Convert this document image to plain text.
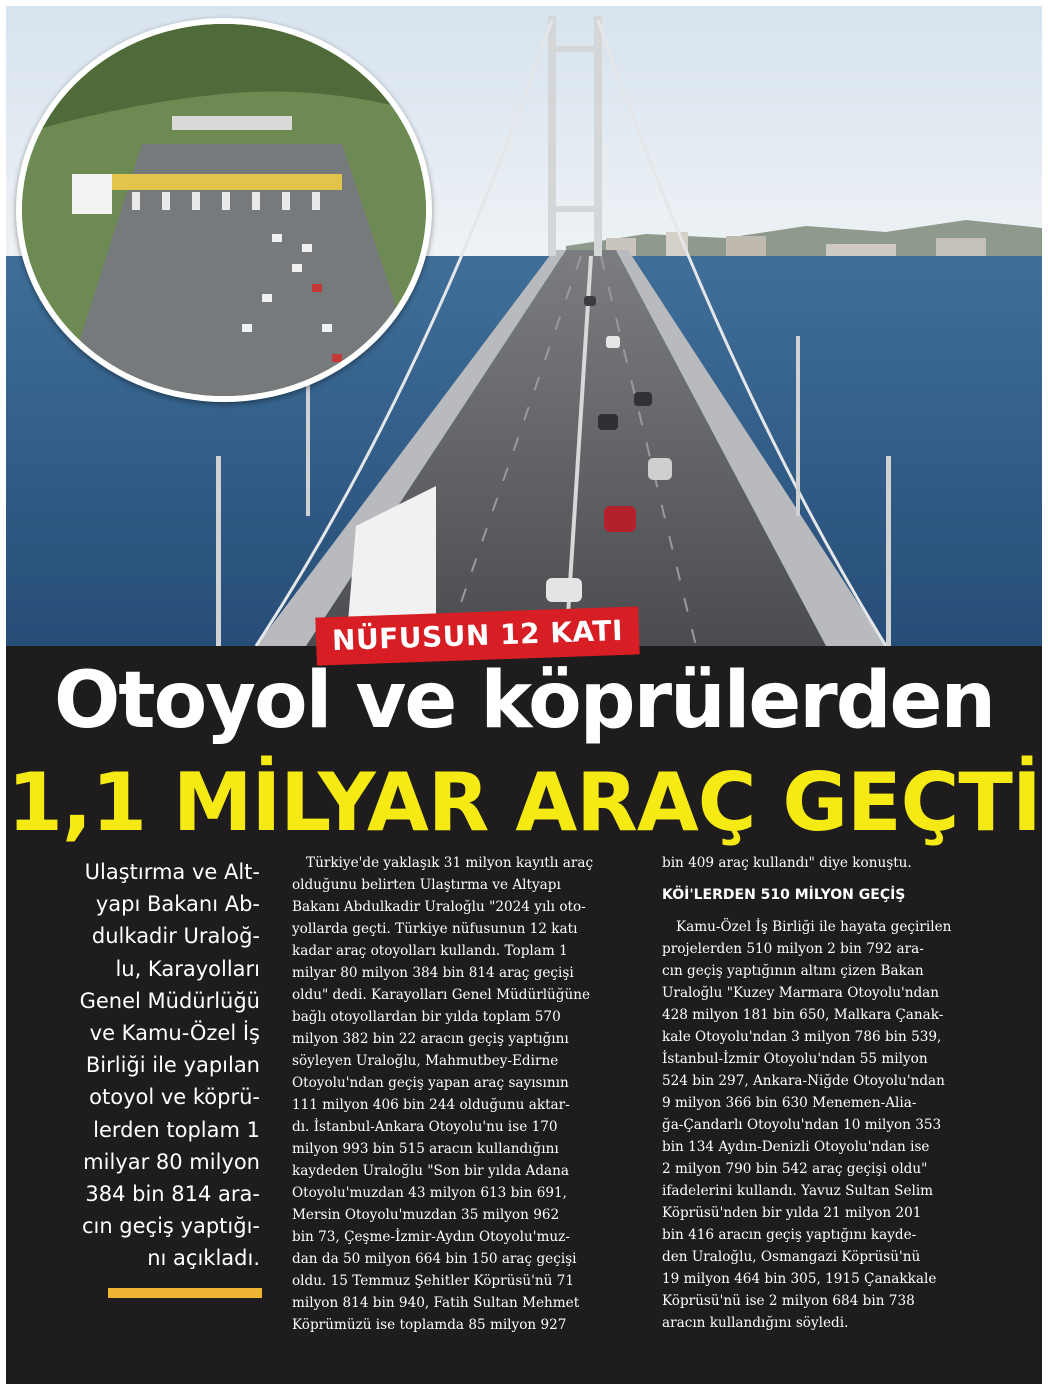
NÜFUSUN 12 KATI
Otoyol ve köprülerden
1,1 MİLYAR ARAÇ GEÇTİ
Ulaştırma ve Alt-
yapı Bakanı Ab-
dulkadir Uraloğ-
lu, Karayolları
Genel Müdürlüğü
ve Kamu-Özel İş
Birliği ile yapılan
otoyol ve köprü-
lerden toplam 1
milyar 80 milyon
384 bin 814 ara-
cın geçiş yaptığı-
nı açıkladı.
Türkiye'de yaklaşık 31 milyon kayıtlı araç
olduğunu belirten Ulaştırma ve Altyapı
Bakanı Abdulkadir Uraloğlu "2024 yılı oto-
yollarda geçti. Türkiye nüfusunun 12 katı
kadar araç otoyolları kullandı. Toplam 1
milyar 80 milyon 384 bin 814 araç geçişi
oldu" dedi. Karayolları Genel Müdürlüğüne
bağlı otoyollardan bir yılda toplam 570
milyon 382 bin 22 aracın geçiş yaptığını
söyleyen Uraloğlu, Mahmutbey-Edirne
Otoyolu'ndan geçiş yapan araç sayısının
111 milyon 406 bin 244 olduğunu aktar-
dı. İstanbul-Ankara Otoyolu'nu ise 170
milyon 993 bin 515 aracın kullandığını
kaydeden Uraloğlu "Son bir yılda Adana
Otoyolu'muzdan 43 milyon 613 bin 691,
Mersin Otoyolu'muzdan 35 milyon 962
bin 73, Çeşme-İzmir-Aydın Otoyolu'muz-
dan da 50 milyon 664 bin 150 araç geçişi
oldu. 15 Temmuz Şehitler Köprüsü'nü 71
milyon 814 bin 940, Fatih Sultan Mehmet
Köprümüzü ise toplamda 85 milyon 927
bin 409 araç kullandı" diye konuştu.
KÖİ'LERDEN 510 MİLYON GEÇİŞ
Kamu-Özel İş Birliği ile hayata geçirilen
projelerden 510 milyon 2 bin 792 ara-
cın geçiş yaptığının altını çizen Bakan
Uraloğlu "Kuzey Marmara Otoyolu'ndan
428 milyon 181 bin 650, Malkara Çanak-
kale Otoyolu'ndan 3 milyon 786 bin 539,
İstanbul-İzmir Otoyolu'ndan 55 milyon
524 bin 297, Ankara-Niğde Otoyolu'ndan
9 milyon 366 bin 630 Menemen-Alia-
ğa-Çandarlı Otoyolu'ndan 10 milyon 353
bin 134 Aydın-Denizli Otoyolu'ndan ise
2 milyon 790 bin 542 araç geçişi oldu"
ifadelerini kullandı. Yavuz Sultan Selim
Köprüsü'nden bir yılda 21 milyon 201
bin 416 aracın geçiş yaptığını kayde-
den Uraloğlu, Osmangazi Köprüsü'nü
19 milyon 464 bin 305, 1915 Çanakkale
Köprüsü'nü ise 2 milyon 684 bin 738
aracın kullandığını söyledi.
